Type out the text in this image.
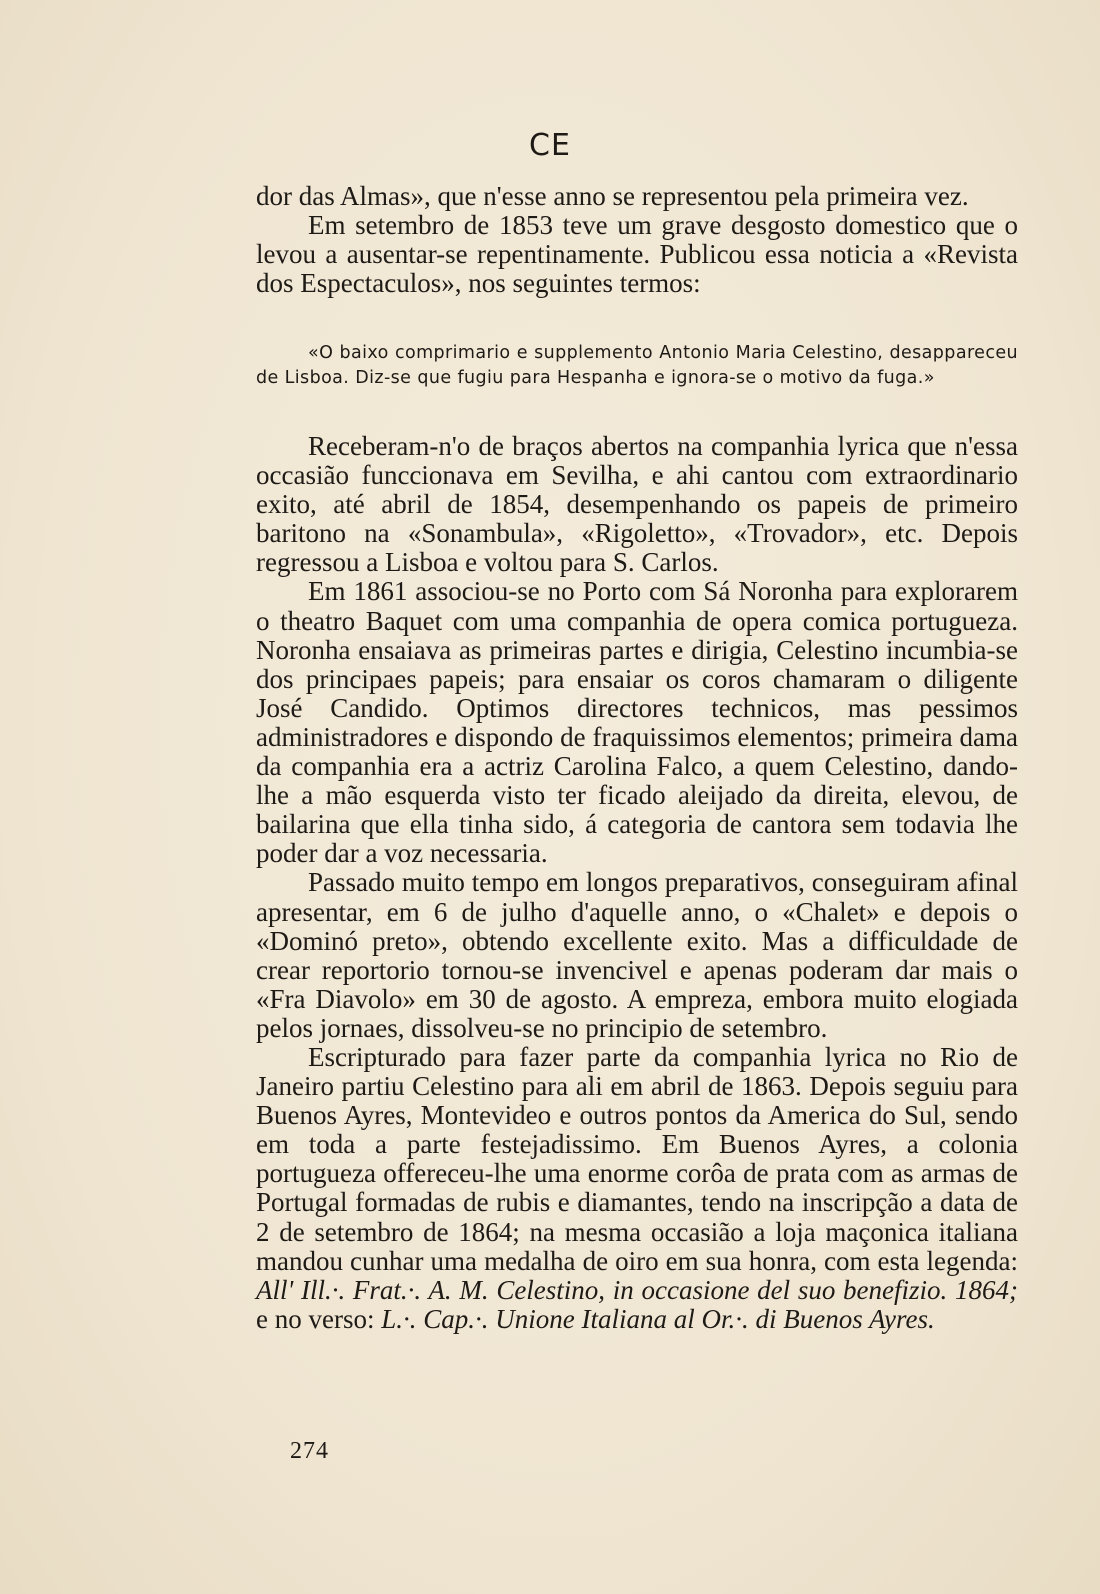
CE

dor das Almas», que n'esse anno se representou pela primeira vez.

Em setembro de 1853 teve um grave desgosto domestico que o levou a ausentar-se repentinamente. Publicou essa noticia a «Revista dos Espectaculos», nos seguintes termos:

«O baixo comprimario e supplemento Antonio Maria Celestino, desappareceu de Lisboa. Diz-se que fugiu para Hespanha e ignora-se o motivo da fuga.»

Receberam-n'o de braços abertos na companhia lyrica que n'essa occasião funccionava em Sevilha, e ahi cantou com extraordinario exito, até abril de 1854, desempenhando os papeis de primeiro baritono na «Sonambula», «Rigoletto», «Trovador», etc. Depois regressou a Lisboa e voltou para S. Carlos.

Em 1861 associou-se no Porto com Sá Noronha para explorarem o theatro Baquet com uma companhia de opera comica portugueza. Noronha ensaiava as primeiras partes e dirigia, Celestino incumbia-se dos principaes papeis; para ensaiar os coros chamaram o diligente José Candido. Optimos directores technicos, mas pessimos administradores e dispondo de fraquissimos elementos; primeira dama da companhia era a actriz Carolina Falco, a quem Celestino, dando-lhe a mão esquerda visto ter ficado aleijado da direita, elevou, de bailarina que ella tinha sido, á categoria de cantora sem todavia lhe poder dar a voz necessaria.

Passado muito tempo em longos preparativos, conseguiram afinal apresentar, em 6 de julho d'aquelle anno, o «Chalet» e depois o «Dominó preto», obtendo excellente exito. Mas a difficuldade de crear reportorio tornou-se invencivel e apenas poderam dar mais o «Fra Diavolo» em 30 de agosto. A empreza, embora muito elogiada pelos jornaes, dissolveu-se no principio de setembro.

Escripturado para fazer parte da companhia lyrica no Rio de Janeiro partiu Celestino para ali em abril de 1863. Depois seguiu para Buenos Ayres, Montevideo e outros pontos da America do Sul, sendo em toda a parte festejadissimo. Em Buenos Ayres, a colonia portugueza offereceu-lhe uma enorme corôa de prata com as armas de Portugal formadas de rubis e diamantes, tendo na inscripção a data de 2 de setembro de 1864; na mesma occasião a loja maçonica italiana mandou cunhar uma medalha de oiro em sua honra, com esta legenda: All' Ill.·. Frat.·. A. M. Celestino, in occasione del suo benefizio. 1864; e no verso: L.·. Cap.·. Unione Italiana al Or.·. di Buenos Ayres.

274
